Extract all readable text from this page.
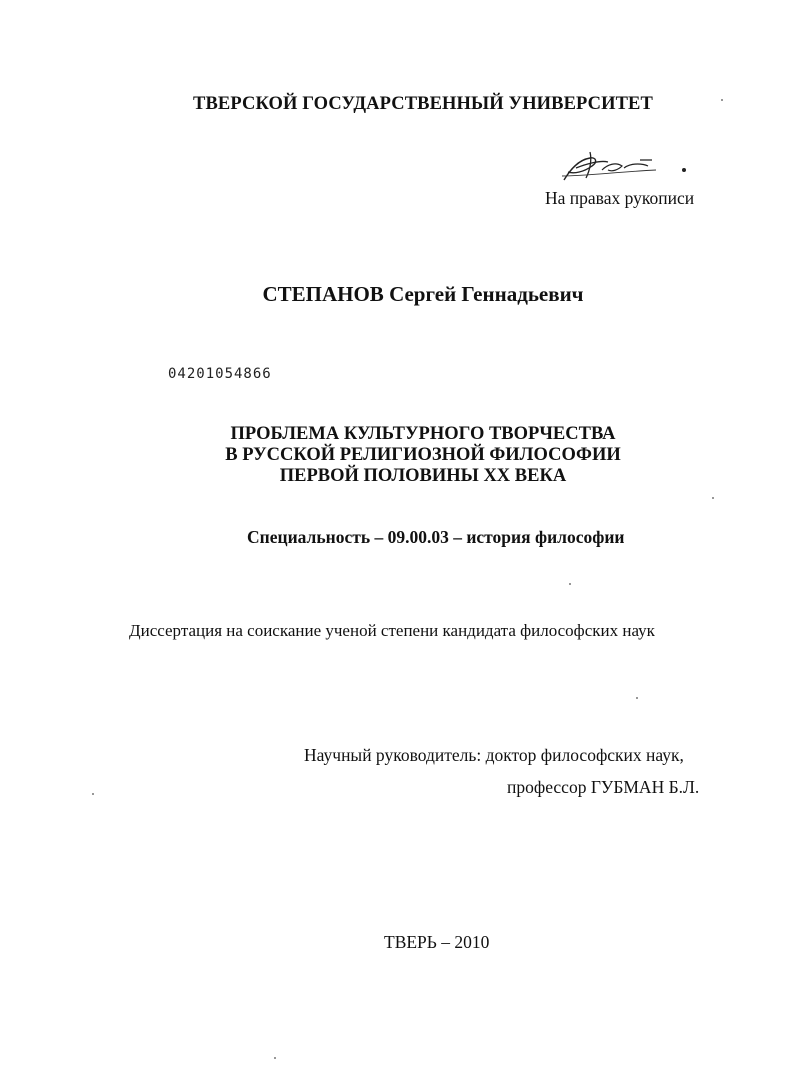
ТВЕРСКОЙ ГОСУДАРСТВЕННЫЙ УНИВЕРСИТЕТ
На правах рукописи
СТЕПАНОВ Сергей Геннадьевич
04201054866
ПРОБЛЕМА КУЛЬТУРНОГО ТВОРЧЕСТВА
В РУССКОЙ РЕЛИГИОЗНОЙ ФИЛОСОФИИ
ПЕРВОЙ ПОЛОВИНЫ XX ВЕКА
Специальность – 09.00.03 – история философии
Диссертация на соискание ученой степени кандидата философских наук
Научный руководитель: доктор философских наук,
профессор ГУБМАН Б.Л.
ТВЕРЬ – 2010
